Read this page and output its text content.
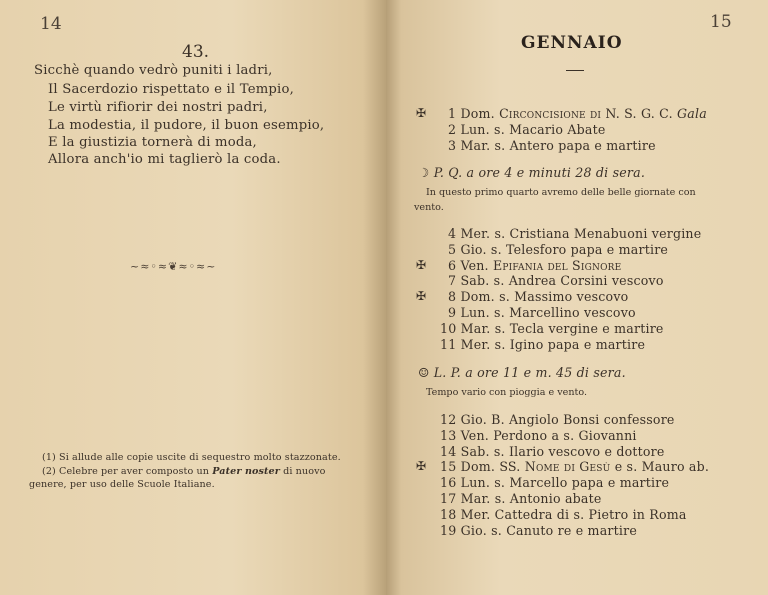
14
43.
Sicchè quando vedrò puniti i ladri,
Il Sacerdozio rispettato e il Tempio,
Le virtù rifiorir dei nostri padri,
La modestia, il pudore, il buon esempio,
E la giustizia tornerà di moda,
Allora anch'io mi taglierò la coda.
~≈◦≈❦≈◦≈~
(1) Si allude alle copie uscite di sequestro molto stazzonate.
(2) Celebre per aver composto un Pater noster di nuovo
genere, per uso delle Scuole Italiane.
15
GENNAIO
✠ 1 Dom. Circoncisione di N. S. G. C. Gala
2 Lun. s. Macario Abate
3 Mar. s. Antero papa e martire
☽ P. Q. a ore 4 e minuti 28 di sera.
In questo primo quarto avremo delle belle giornate con
vento.
4 Mer. s. Cristiana Menabuoni vergine
5 Gio. s. Telesforo papa e martire
✠ 6 Ven. Epifania del Signore
7 Sab. s. Andrea Corsini vescovo
✠ 8 Dom. s. Massimo vescovo
9 Lun. s. Marcellino vescovo
10 Mar. s. Tecla vergine e martire
11 Mer. s. Igino papa e martire
☺ L. P. a ore 11 e m. 45 di sera.
Tempo vario con pioggia e vento.
12 Gio. B. Angiolo Bonsi confessore
13 Ven. Perdono a s. Giovanni
14 Sab. s. Ilario vescovo e dottore
✠ 15 Dom. SS. Nome di Gesù e s. Mauro ab.
16 Lun. s. Marcello papa e martire
17 Mar. s. Antonio abate
18 Mer. Cattedra di s. Pietro in Roma
19 Gio. s. Canuto re e martire
